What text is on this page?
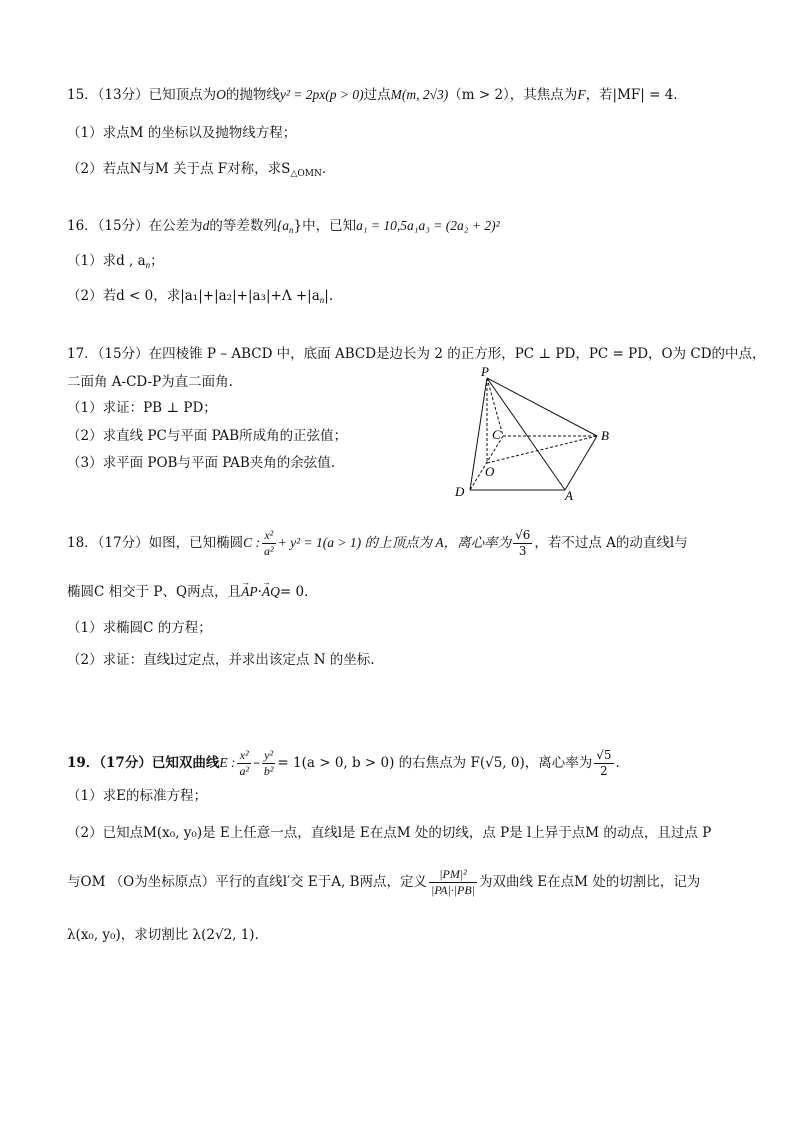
15．（13分）已知顶点为O的抛物线y² = 2px(p > 0)过点M(m, 2√3)（m > 2），其焦点为F，若|MF| = 4．
（1）求点M 的坐标以及抛物线方程；
（2）若点N与M 关于点 F对称，求$S_{\triangle OMN}$．
16．（15分）在公差为d的等差数列$\{a_n\}$中，已知a₁ = 10,5a₁a₃ = (2a₂ + 2)²
（1）求d , $a_n$；
（2）若d < 0，求$|a_1|+|a_2|+|a_3|+\Lambda +|a_n|$.
17．（15分）在四棱锥 P – ABCD 中，底面 ABCD是边长为 2 的正方形，PC ⊥ PD，PC = PD，O为 CD的中点，
二面角 A-CD-P为直二面角.
（1）求证：PB ⊥ PD；
（2）求直线 PC与平面 PAB所成角的正弦值；
（3）求平面 POB与平面 PAB夹角的余弦值.
P
C	B
O
D	A
18．（17分）如图，已知椭圆C : $\frac{\text{x²}}{\text{a²}} + y^2 = 1(a > 1)$ 的上顶点为 A，离心率为 $\frac{√6}{3}$ ，若不过点 A的动直线l与
椭圆C 相交于 P、Q两点，且→ AP·→ AQ= 0．
（1）求椭圆C 的方程；
（2）求证：直线l过定点，并求出该定点 N 的坐标.
19．（17分）已知双曲线E : $\frac{\text{x²}}{\text{a²}} - \frac{\text{y²}}{\text{b²}} = 1(a > 0$, b > 0) 的右焦点为 F(√5, 0)，离心率为 $\frac{√5}{2}$ ．
（1）求E的标准方程；
（2）已知点M(x₀, y₀)是 E上任意一点，直线l是 E在点M 处的切线，点 P是 l上异于点M 的动点，且过点 P
与OM （O为坐标原点）平行的直线l′交 E于A, B两点，定义 $\frac{\text{|PM|²}}{|PA|\cdot|PB|}$ 为双曲线 E在点M 处的切割比，记为
λ(x₀, y₀)，求切割比 λ(2√2, 1)．
